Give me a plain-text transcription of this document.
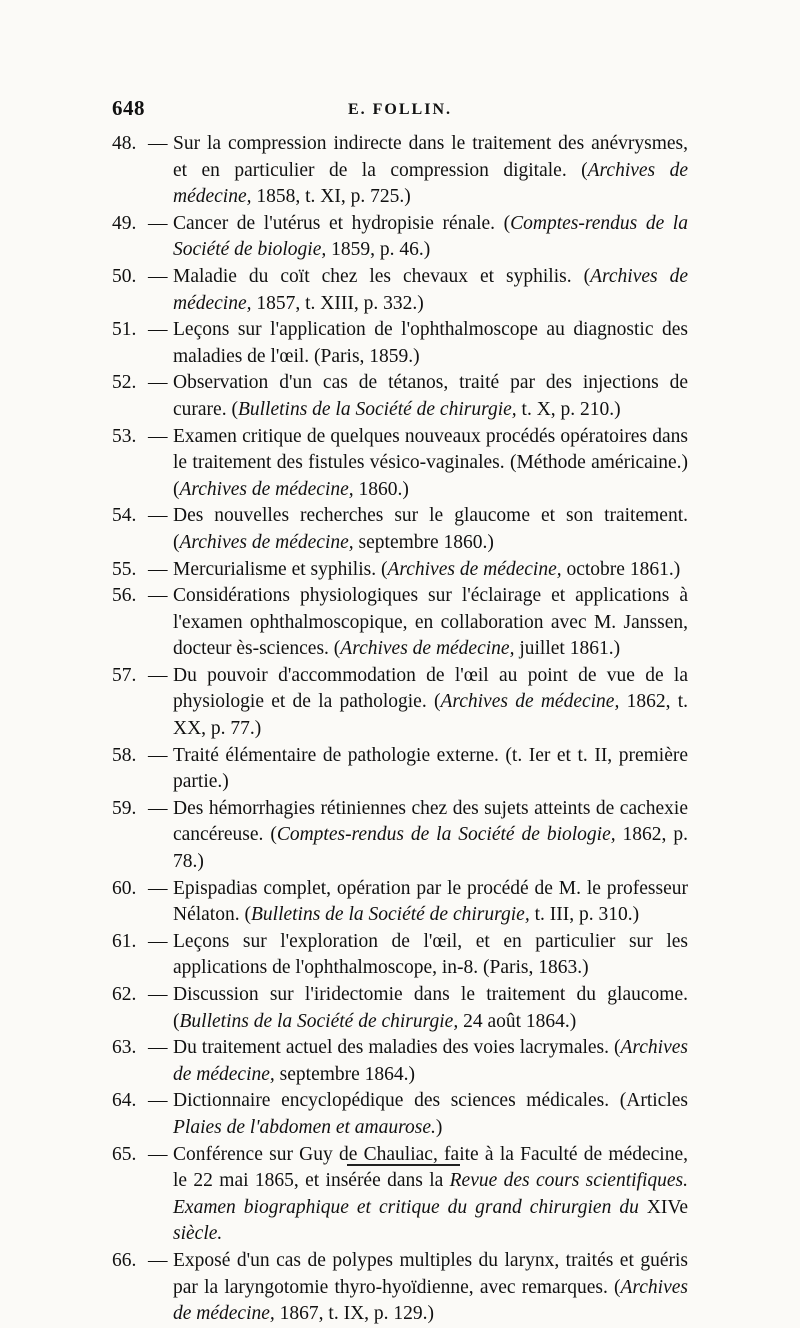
648	E. FOLLIN.
48. — Sur la compression indirecte dans le traitement des anévrysmes, et en particulier de la compression digitale. (Archives de médecine, 1858, t. XI, p. 725.)
49. — Cancer de l'utérus et hydropisie rénale. (Comptes-rendus de la Société de biologie, 1859, p. 46.)
50. — Maladie du coït chez les chevaux et syphilis. (Archives de médecine, 1857, t. XIII, p. 332.)
51. — Leçons sur l'application de l'ophthalmoscope au diagnostic des maladies de l'œil. (Paris, 1859.)
52. — Observation d'un cas de tétanos, traité par des injections de curare. (Bulletins de la Société de chirurgie, t. X, p. 210.)
53. — Examen critique de quelques nouveaux procédés opératoires dans le traitement des fistules vésico-vaginales. (Méthode américaine.) (Archives de médecine, 1860.)
54. — Des nouvelles recherches sur le glaucome et son traitement. (Archives de médecine, septembre 1860.)
55. — Mercurialisme et syphilis. (Archives de médecine, octobre 1861.)
56. — Considérations physiologiques sur l'éclairage et applications à l'examen ophthalmoscopique, en collaboration avec M. Janssen, docteur ès-sciences. (Archives de médecine, juillet 1861.)
57. — Du pouvoir d'accommodation de l'œil au point de vue de la physiologie et de la pathologie. (Archives de médecine, 1862, t. XX, p. 77.)
58. — Traité élémentaire de pathologie externe. (t. Ier et t. II, première partie.)
59. — Des hémorrhagies rétiniennes chez des sujets atteints de cachexie cancéreuse. (Comptes-rendus de la Société de biologie, 1862, p. 78.)
60. — Epispadias complet, opération par le procédé de M. le professeur Nélaton. (Bulletins de la Société de chirurgie, t. III, p. 310.)
61. — Leçons sur l'exploration de l'œil, et en particulier sur les applications de l'ophthalmoscope, in-8. (Paris, 1863.)
62. — Discussion sur l'iridectomie dans le traitement du glaucome. (Bulletins de la Société de chirurgie, 24 août 1864.)
63. — Du traitement actuel des maladies des voies lacrymales. (Archives de médecine, septembre 1864.)
64. — Dictionnaire encyclopédique des sciences médicales. (Articles Plaies de l'abdomen et amaurose.)
65. — Conférence sur Guy de Chauliac, faite à la Faculté de médecine, le 22 mai 1865, et insérée dans la Revue des cours scientifiques. Examen biographique et critique du grand chirurgien du XIVe siècle.
66. — Exposé d'un cas de polypes multiples du larynx, traités et guéris par la laryngotomie thyro-hyoïdienne, avec remarques. (Archives de médecine, 1867, t. IX, p. 129.)
